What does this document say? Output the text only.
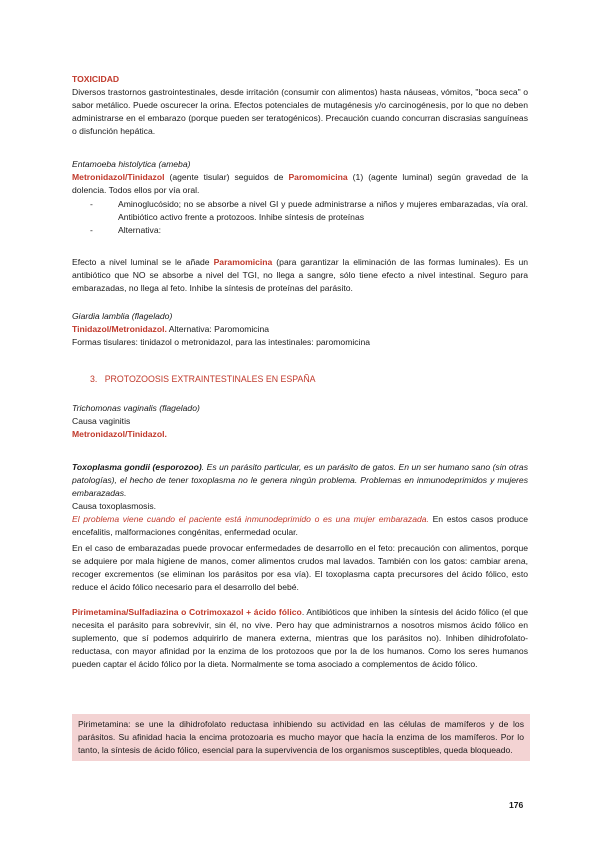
TOXICIDAD
Diversos trastornos gastrointestinales, desde irritación (consumir con alimentos) hasta náuseas, vómitos, "boca seca" o sabor metálico. Puede oscurecer la orina. Efectos potenciales de mutagénesis y/o carcinogénesis, por lo que no deben administrarse en el embarazo (porque pueden ser teratogénicos). Precaución cuando concurran discrasias sanguíneas o disfunción hepática.
Entamoeba histolytica (ameba)
Metronidazol/Tinidazol (agente tisular) seguidos de Paromomicina (1) (agente luminal) según gravedad de la dolencia. Todos ellos por vía oral.
-	Aminoglucósido; no se absorbe a nivel GI y puede administrarse a niños y mujeres embarazadas, vía oral. Antibiótico activo frente a protozoos. Inhibe síntesis de proteínas
-	Alternativa:
Efecto a nivel luminal se le añade Paramomicina (para garantizar la eliminación de las formas luminales). Es un antibiótico que NO se absorbe a nivel del TGI, no llega a sangre, sólo tiene efecto a nivel intestinal. Seguro para embarazadas, no llega al feto. Inhibe la síntesis de proteínas del parásito.
Giardia lamblia (flagelado)
Tinidazol/Metronidazol. Alternativa: Paromomicina
Formas tisulares: tinidazol o metronidazol, para las intestinales: paromomicina
3. PROTOZOOSIS EXTRAINTESTINALES EN ESPAÑA
Trichomonas vaginalis (flagelado)
Causa vaginitis
Metronidazol/Tinidazol.
Toxoplasma gondii (esporozoo). Es un parásito particular, es un parásito de gatos. En un ser humano sano (sin otras patologías), el hecho de tener toxoplasma no le genera ningún problema. Problemas en inmunodeprimidos y mujeres embarazadas.
Causa toxoplasmosis.
El problema viene cuando el paciente está inmunodeprimido o es una mujer embarazada. En estos casos produce encefalitis, malformaciones congénitas, enfermedad ocular.
En el caso de embarazadas puede provocar enfermedades de desarrollo en el feto: precaución con alimentos, porque se adquiere por mala higiene de manos, comer alimentos crudos mal lavados. También con los gatos: cambiar arena, recoger excrementos (se eliminan los parásitos por esa vía). El toxoplasma capta precursores del ácido fólico, esto reduce el ácido fólico necesario para el desarrollo del bebé.
Pirimetamina/Sulfadiazina o Cotrimoxazol + ácido fólico. Antibióticos que inhiben la síntesis del ácido fólico (el que necesita el parásito para sobrevivir, sin él, no vive. Pero hay que administrarnos a nosotros mismos ácido fólico en suplemento, que sí podemos adquirirlo de manera externa, mientras que los parásitos no). Inhiben dihidrofolato-reductasa, con mayor afinidad por la enzima de los protozoos que por la de los humanos. Como los seres humanos pueden captar el ácido fólico por la dieta. Normalmente se toma asociado a complementos de ácido fólico.
Pirimetamina: se une la dihidrofolato reductasa inhibiendo su actividad en las células de mamíferos y de los parásitos. Su afinidad hacia la encima protozoaria es mucho mayor que hacía la enzima de los mamíferos. Por lo tanto, la síntesis de ácido fólico, esencial para la supervivencia de los organismos susceptibles, queda bloqueado.
176
